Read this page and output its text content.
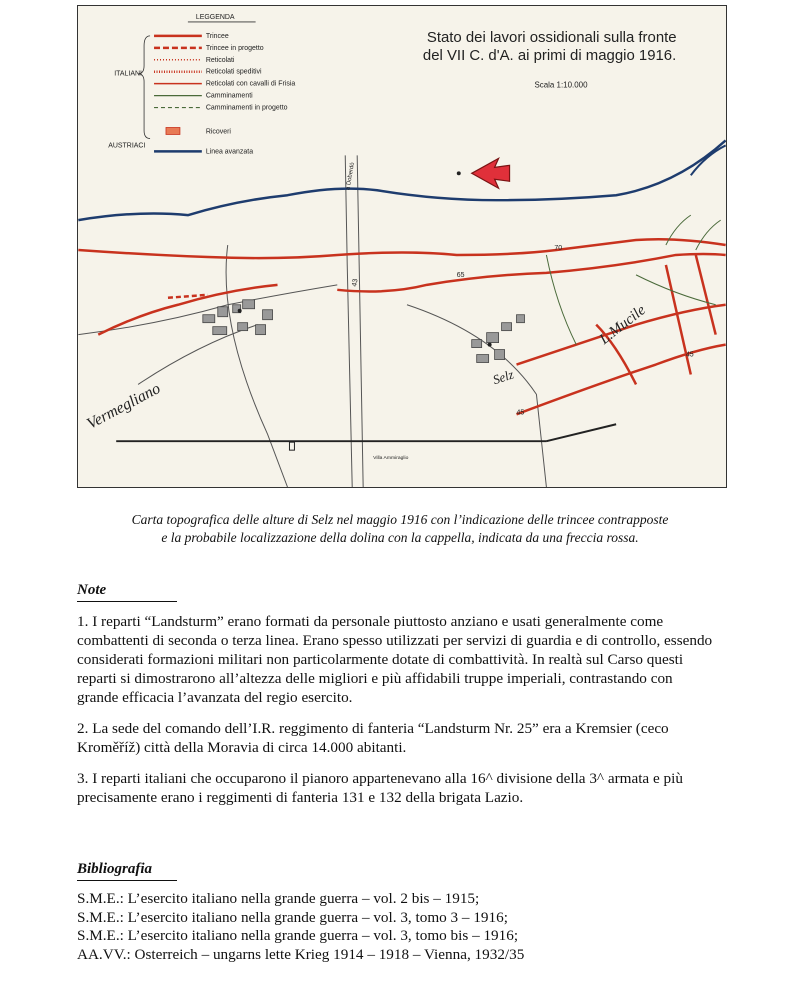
LEGGENDA
ITALIANI
AUSTRIACI
Trincee
Trincee in progetto
Reticolati
Reticolati speditivi
Reticolati con cavalli di Frisia
Camminamenti
Camminamenti in progetto
Ricoveri
Linea avanzata
Stato dei lavori ossidionali sulla fronte
del VII C. d'A. ai primi di maggio 1916.
Scala 1:10.000
Vermegliano
Selz
L.Mucile
a Doberdò
Villa Ammiraglio
45
65
70
43
45
Carta topografica delle alture di Selz nel maggio 1916 con l’indicazione delle trincee contrapposte
e la probabile localizzazione della dolina con la cappella, indicata da una freccia rossa.
Note

1. I reparti “Landsturm” erano formati da personale piuttosto anziano e usati generalmente come combattenti di seconda o terza linea. Erano spesso utilizzati per servizi di guardia e di controllo, essendo considerati formazioni militari non particolarmente dotate di combattività. In realtà sul Carso questi reparti si dimostrarono all’altezza delle migliori e più affidabili truppe imperiali, contrastando con grande efficacia l’avanzata del regio esercito.

2. La sede del comando dell’I.R. reggimento di fanteria “Landsturm Nr. 25” era a Kremsier (ceco Kroměříž) città della Moravia di circa 14.000 abitanti.

3. I reparti italiani che occuparono il pianoro appartenevano alla 16^ divisione della 3^ armata e più precisamente erano i reggimenti di fanteria 131 e 132 della brigata Lazio.

Bibliografia
S.M.E.: L’esercito italiano nella grande guerra – vol. 2 bis – 1915;
S.M.E.: L’esercito italiano nella grande guerra – vol. 3, tomo 3 – 1916;
S.M.E.: L’esercito italiano nella grande guerra – vol. 3, tomo bis – 1916;
AA.VV.: Osterreich – ungarns lette Krieg 1914 – 1918 – Vienna, 1932/35
